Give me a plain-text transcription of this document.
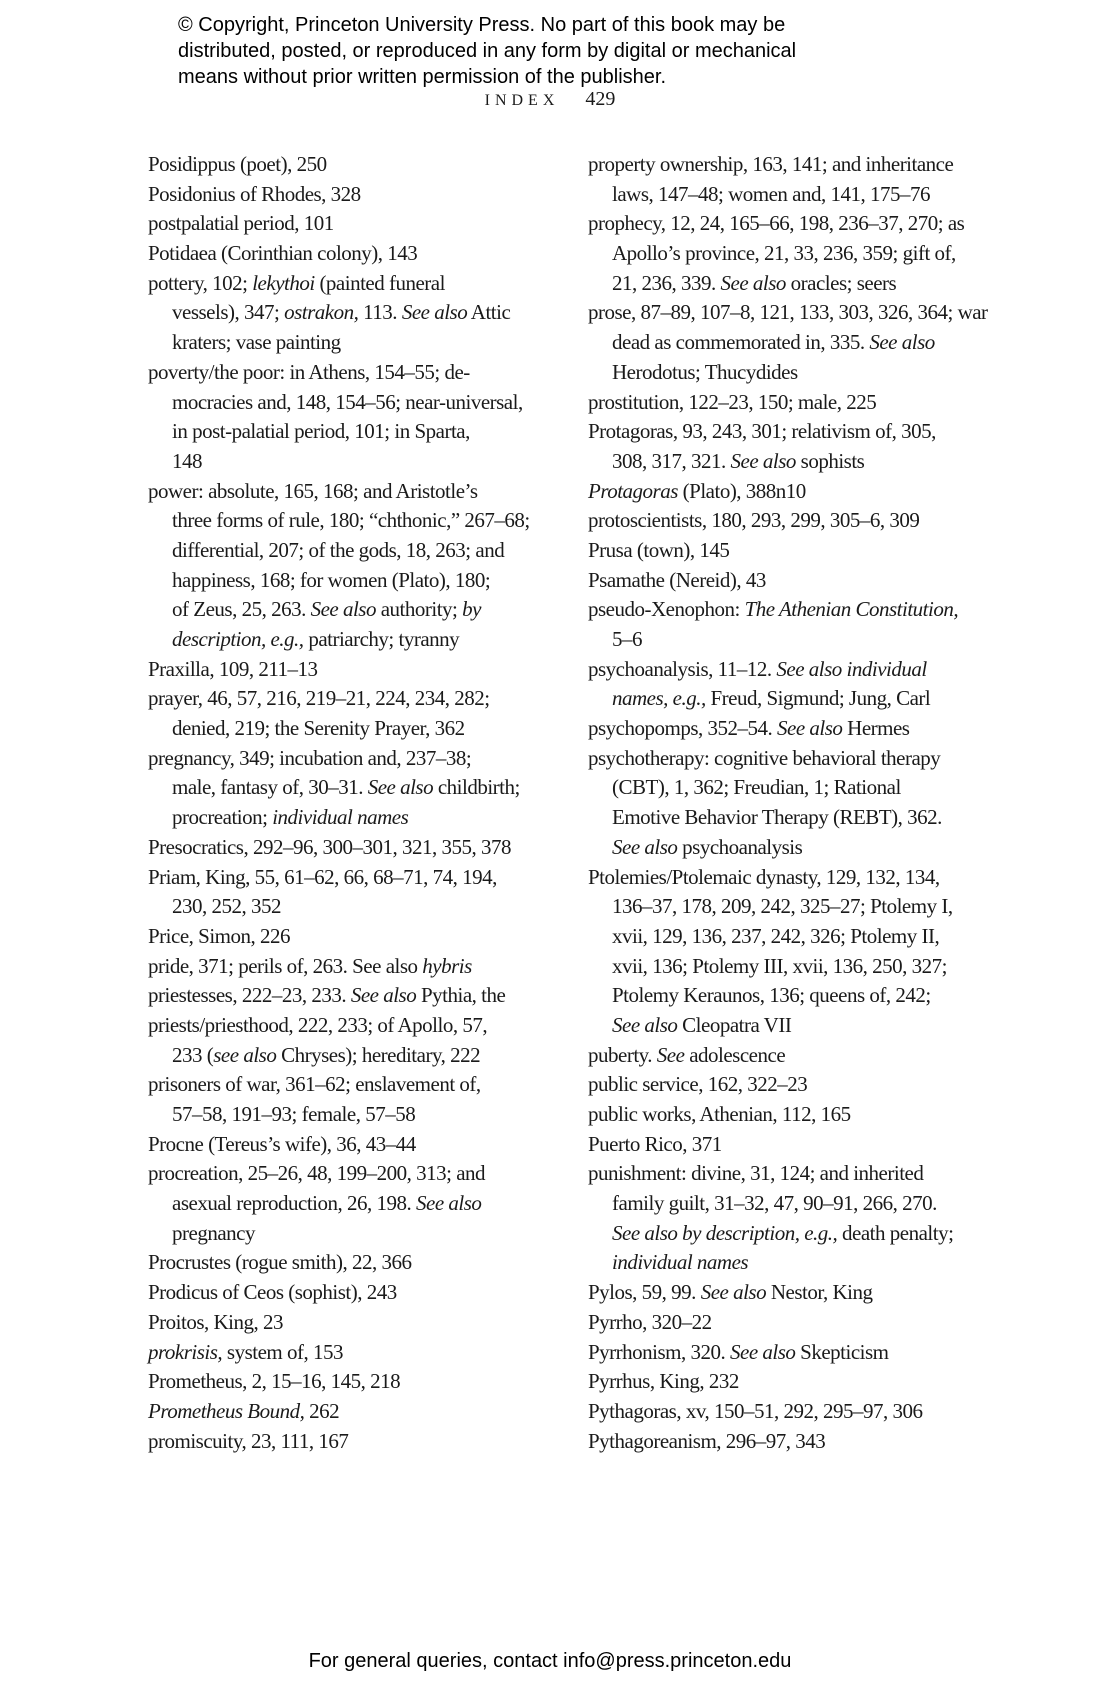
© Copyright, Princeton University Press. No part of this book may be
distributed, posted, or reproduced in any form by digital or mechanical
means without prior written permission of the publisher.
INDEX 429
Posidippus (poet), 250
Posidonius of Rhodes, 328
postpalatial period, 101
Potidaea (Corinthian colony), 143
pottery, 102; lekythoi (painted funeral
vessels), 347; ostrakon, 113. See also Attic
kraters; vase painting
poverty/the poor: in Athens, 154–55; de-
mocracies and, 148, 154–56; near-universal,
in post-palatial period, 101; in Sparta,
148
power: absolute, 165, 168; and Aristotle’s
three forms of rule, 180; “chthonic,” 267–68;
differential, 207; of the gods, 18, 263; and
happiness, 168; for women (Plato), 180;
of Zeus, 25, 263. See also authority; by
description, e.g., patriarchy; tyranny
Praxilla, 109, 211–13
prayer, 46, 57, 216, 219–21, 224, 234, 282;
denied, 219; the Serenity Prayer, 362
pregnancy, 349; incubation and, 237–38;
male, fantasy of, 30–31. See also childbirth;
procreation; individual names
Presocratics, 292–96, 300–301, 321, 355, 378
Priam, King, 55, 61–62, 66, 68–71, 74, 194,
230, 252, 352
Price, Simon, 226
pride, 371; perils of, 263. See also hybris
priestesses, 222–23, 233. See also Pythia, the
priests/priesthood, 222, 233; of Apollo, 57,
233 (see also Chryses); hereditary, 222
prisoners of war, 361–62; enslavement of,
57–58, 191–93; female, 57–58
Procne (Tereus’s wife), 36, 43–44
procreation, 25–26, 48, 199–200, 313; and
asexual reproduction, 26, 198. See also
pregnancy
Procrustes (rogue smith), 22, 366
Prodicus of Ceos (sophist), 243
Proitos, King, 23
prokrisis, system of, 153
Prometheus, 2, 15–16, 145, 218
Prometheus Bound, 262
promiscuity, 23, 111, 167
property ownership, 163, 141; and inheritance
laws, 147–48; women and, 141, 175–76
prophecy, 12, 24, 165–66, 198, 236–37, 270; as
Apollo’s province, 21, 33, 236, 359; gift of,
21, 236, 339. See also oracles; seers
prose, 87–89, 107–8, 121, 133, 303, 326, 364; war
dead as commemorated in, 335. See also
Herodotus; Thucydides
prostitution, 122–23, 150; male, 225
Protagoras, 93, 243, 301; relativism of, 305,
308, 317, 321. See also sophists
Protagoras (Plato), 388n10
protoscientists, 180, 293, 299, 305–6, 309
Prusa (town), 145
Psamathe (Nereid), 43
pseudo-Xenophon: The Athenian Constitution,
5–6
psychoanalysis, 11–12. See also individual
names, e.g., Freud, Sigmund; Jung, Carl
psychopomps, 352–54. See also Hermes
psychotherapy: cognitive behavioral therapy
(CBT), 1, 362; Freudian, 1; Rational
Emotive Behavior Therapy (REBT), 362.
See also psychoanalysis
Ptolemies/Ptolemaic dynasty, 129, 132, 134,
136–37, 178, 209, 242, 325–27; Ptolemy I,
xvii, 129, 136, 237, 242, 326; Ptolemy II,
xvii, 136; Ptolemy III, xvii, 136, 250, 327;
Ptolemy Keraunos, 136; queens of, 242;
See also Cleopatra VII
puberty. See adolescence
public service, 162, 322–23
public works, Athenian, 112, 165
Puerto Rico, 371
punishment: divine, 31, 124; and inherited
family guilt, 31–32, 47, 90–91, 266, 270.
See also by description, e.g., death penalty;
individual names
Pylos, 59, 99. See also Nestor, King
Pyrrho, 320–22
Pyrrhonism, 320. See also Skepticism
Pyrrhus, King, 232
Pythagoras, xv, 150–51, 292, 295–97, 306
Pythagoreanism, 296–97, 343
For general queries, contact info@press.princeton.edu
